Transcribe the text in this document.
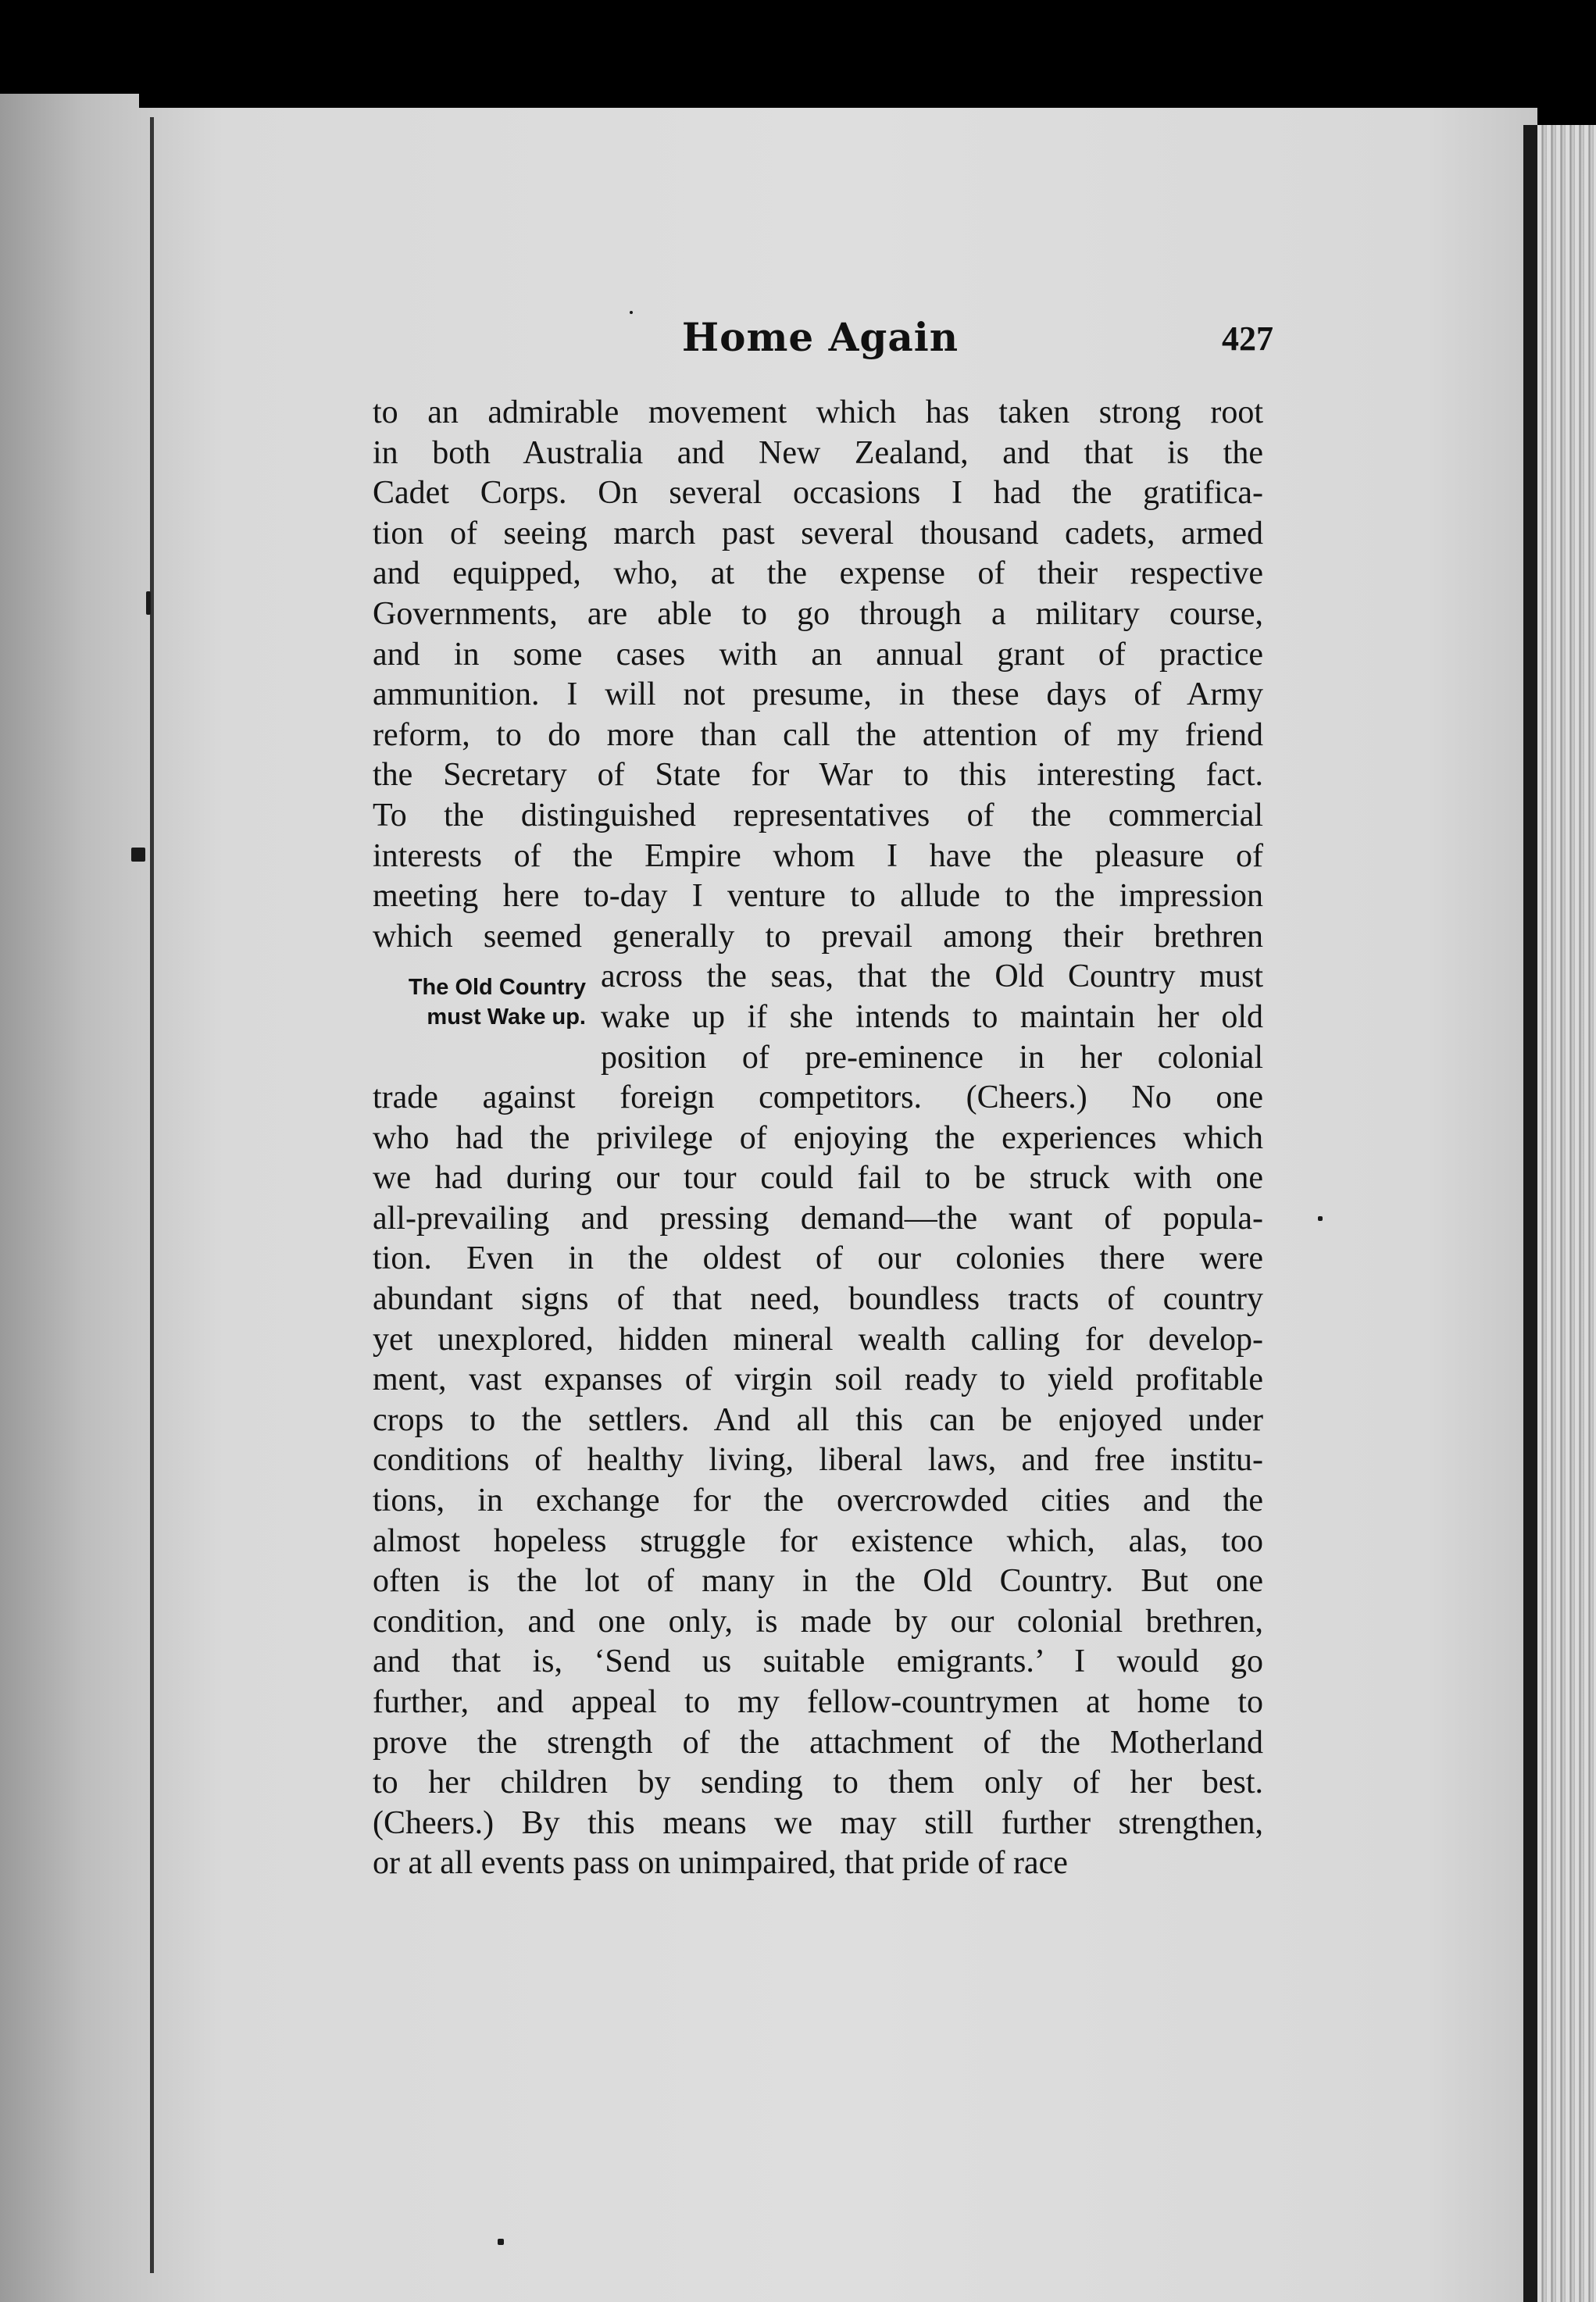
Home Again	427
The Old Country
must Wake up.
to an admirable movement which has taken strong root
in both Australia and New Zealand, and that is the
Cadet Corps. On several occasions I had the gratifica-
tion of seeing march past several thousand cadets, armed
and equipped, who, at the expense of their respective
Governments, are able to go through a military course,
and in some cases with an annual grant of practice
ammunition. I will not presume, in these days of Army
reform, to do more than call the attention of my friend
the Secretary of State for War to this interesting fact.
To the distinguished representatives of the commercial
interests of the Empire whom I have the pleasure of
meeting here to-day I venture to allude to the impression
which seemed generally to prevail among their brethren
across the seas, that the Old Country must
wake up if she intends to maintain her old
position of pre-eminence in her colonial
trade against foreign competitors. (Cheers.) No one
who had the privilege of enjoying the experiences which
we had during our tour could fail to be struck with one
all-prevailing and pressing demand—the want of popula-
tion. Even in the oldest of our colonies there were
abundant signs of that need, boundless tracts of country
yet unexplored, hidden mineral wealth calling for develop-
ment, vast expanses of virgin soil ready to yield profitable
crops to the settlers. And all this can be enjoyed under
conditions of healthy living, liberal laws, and free institu-
tions, in exchange for the overcrowded cities and the
almost hopeless struggle for existence which, alas, too
often is the lot of many in the Old Country. But one
condition, and one only, is made by our colonial brethren,
and that is, ‘Send us suitable emigrants.’ I would go
further, and appeal to my fellow-countrymen at home to
prove the strength of the attachment of the Motherland
to her children by sending to them only of her best.
(Cheers.) By this means we may still further strengthen,
or at all events pass on unimpaired, that pride of race
